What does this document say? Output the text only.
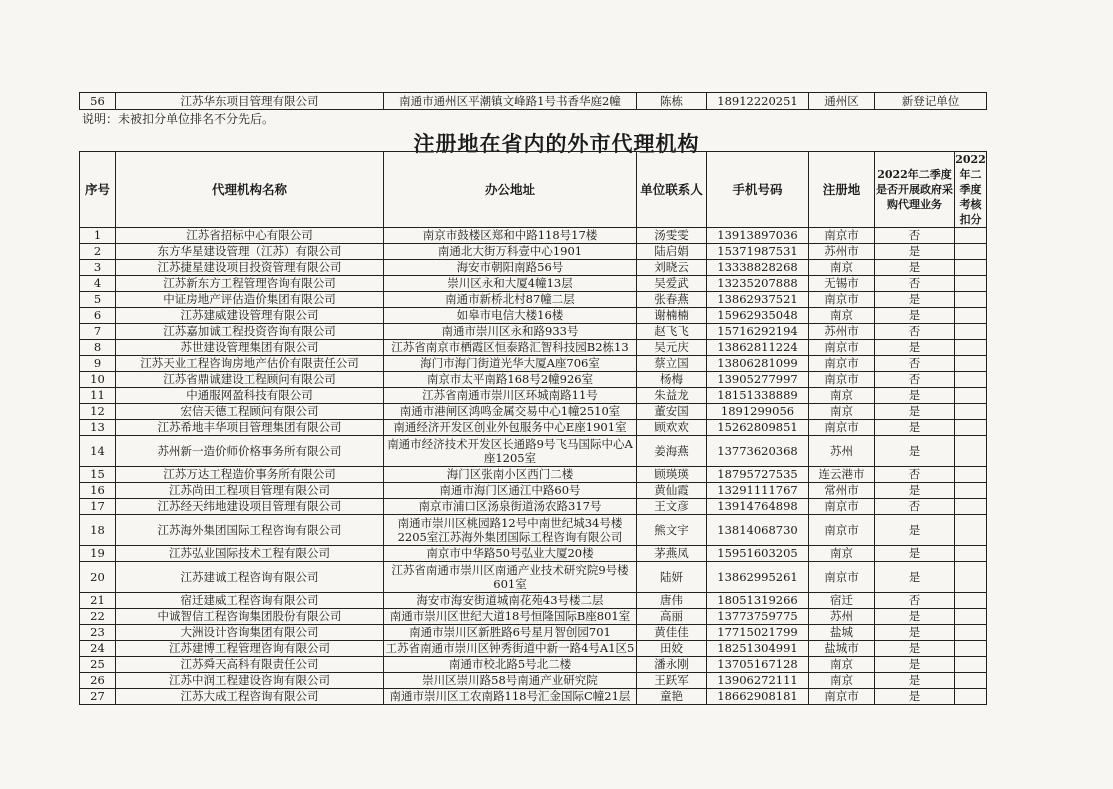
56	江苏华东项目管理有限公司	南通市通州区平潮镇文峰路1号书香华庭2幢	陈栋	18912220251	通州区	新登记单位
说明：未被扣分单位排名不分先后。
注册地在省内的外市代理机构
序号	代理机构名称	办公地址	单位联系人	手机号码	注册地	2022年二季度是否开展政府采购代理业务	2022年二季度考核扣分
1	江苏省招标中心有限公司	南京市鼓楼区郑和中路118号17楼	汤雯雯	13913897036	南京市	否	
2	东方华星建设管理（江苏）有限公司	南通北大街万科壹中心1901	陆启娟	15371987531	苏州市	是	
3	江苏捷星建设项目投资管理有限公司	海安市朝阳南路56号	刘晓云	13338828268	南京	是	
4	江苏新东方工程管理咨询有限公司	崇川区永和大厦4幢13层	吴爱武	13235207888	无锡市	否	
5	中证房地产评估造价集团有限公司	南通市新桥北村87幢二层	张春燕	13862937521	南京市	是	
6	江苏建威建设管理有限公司	如皋市电信大楼16楼	谢楠楠	15962935048	南京	是	
7	江苏嘉加诚工程投资咨询有限公司	南通市崇川区永和路933号	赵飞飞	15716292194	苏州市	否	
8	苏世建设管理集团有限公司	江苏省南京市栖霞区恒泰路汇智科技园B2栋13	吴元庆	13862811224	南京市	是	
9	江苏天业工程咨询房地产估价有限责任公司	海门市海门街道光华大厦A座706室	蔡立国	13806281099	南京市	否	
10	江苏省鼎诚建设工程顾问有限公司	南京市太平南路168号2幢926室	杨梅	13905277997	南京市	否	
11	中通服网盈科技有限公司	江苏省南通市崇川区环城南路11号	朱益龙	18151338889	南京	是	
12	宏信天德工程顾问有限公司	南通市港闸区鸿鸣金属交易中心1幢2510室	董安国	1891299056	南京	是	
13	江苏希地丰华项目管理集团有限公司	南通经济开发区创业外包服务中心E座1901室	顾欢欢	15262809851	南京市	是	
14	苏州新一造价师价格事务所有限公司	南通市经济技术开发区长通路9号飞马国际中心A座1205室	姜海燕	13773620368	苏州	是	
15	江苏万达工程造价事务所有限公司	海门区张南小区西门二楼	顾瑛瑛	18795727535	连云港市	否	
16	江苏尚田工程项目管理有限公司	南通市海门区通江中路60号	黄仙霞	13291111767	常州市	是	
17	江苏经天纬地建设项目管理有限公司	南京市浦口区汤泉街道汤农路317号	王文彦	13914764898	南京市	否	
18	江苏海外集团国际工程咨询有限公司	南通市崇川区桃园路12号中南世纪城34号楼2205室江苏海外集团国际工程咨询有限公司	熊文宇	13814068730	南京市	是	
19	江苏弘业国际技术工程有限公司	南京市中华路50号弘业大厦20楼	茅燕凤	15951603205	南京	是	
20	江苏建诚工程咨询有限公司	江苏省南通市崇川区南通产业技术研究院9号楼601室	陆妍	13862995261	南京市	是	
21	宿迁建威工程咨询有限公司	海安市海安街道城南花苑43号楼二层	唐伟	18051319266	宿迁	否	
22	中诚智信工程咨询集团股份有限公司	南通市崇川区世纪大道18号恒隆国际B座801室	高丽	13773759775	苏州	是	
23	大洲设计咨询集团有限公司	南通市崇川区新胜路6号星月智创园701	黄佳佳	17715021799	盐城	是	
24	江苏建博工程管理咨询有限公司	工苏省南通市崇川区钟秀街道中新一路4号A1区5	田姣	18251304991	盐城市	是	
25	江苏舜天高科有限责任公司	南通市校北路5号北二楼	潘永刚	13705167128	南京	是	
26	江苏中润工程建设咨询有限公司	崇川区崇川路58号南通产业研究院	王跃军	13906272111	南京	是	
27	江苏大成工程咨询有限公司	南通市崇川区工农南路118号汇金国际C幢21层	童艳	18662908181	南京市	是	
